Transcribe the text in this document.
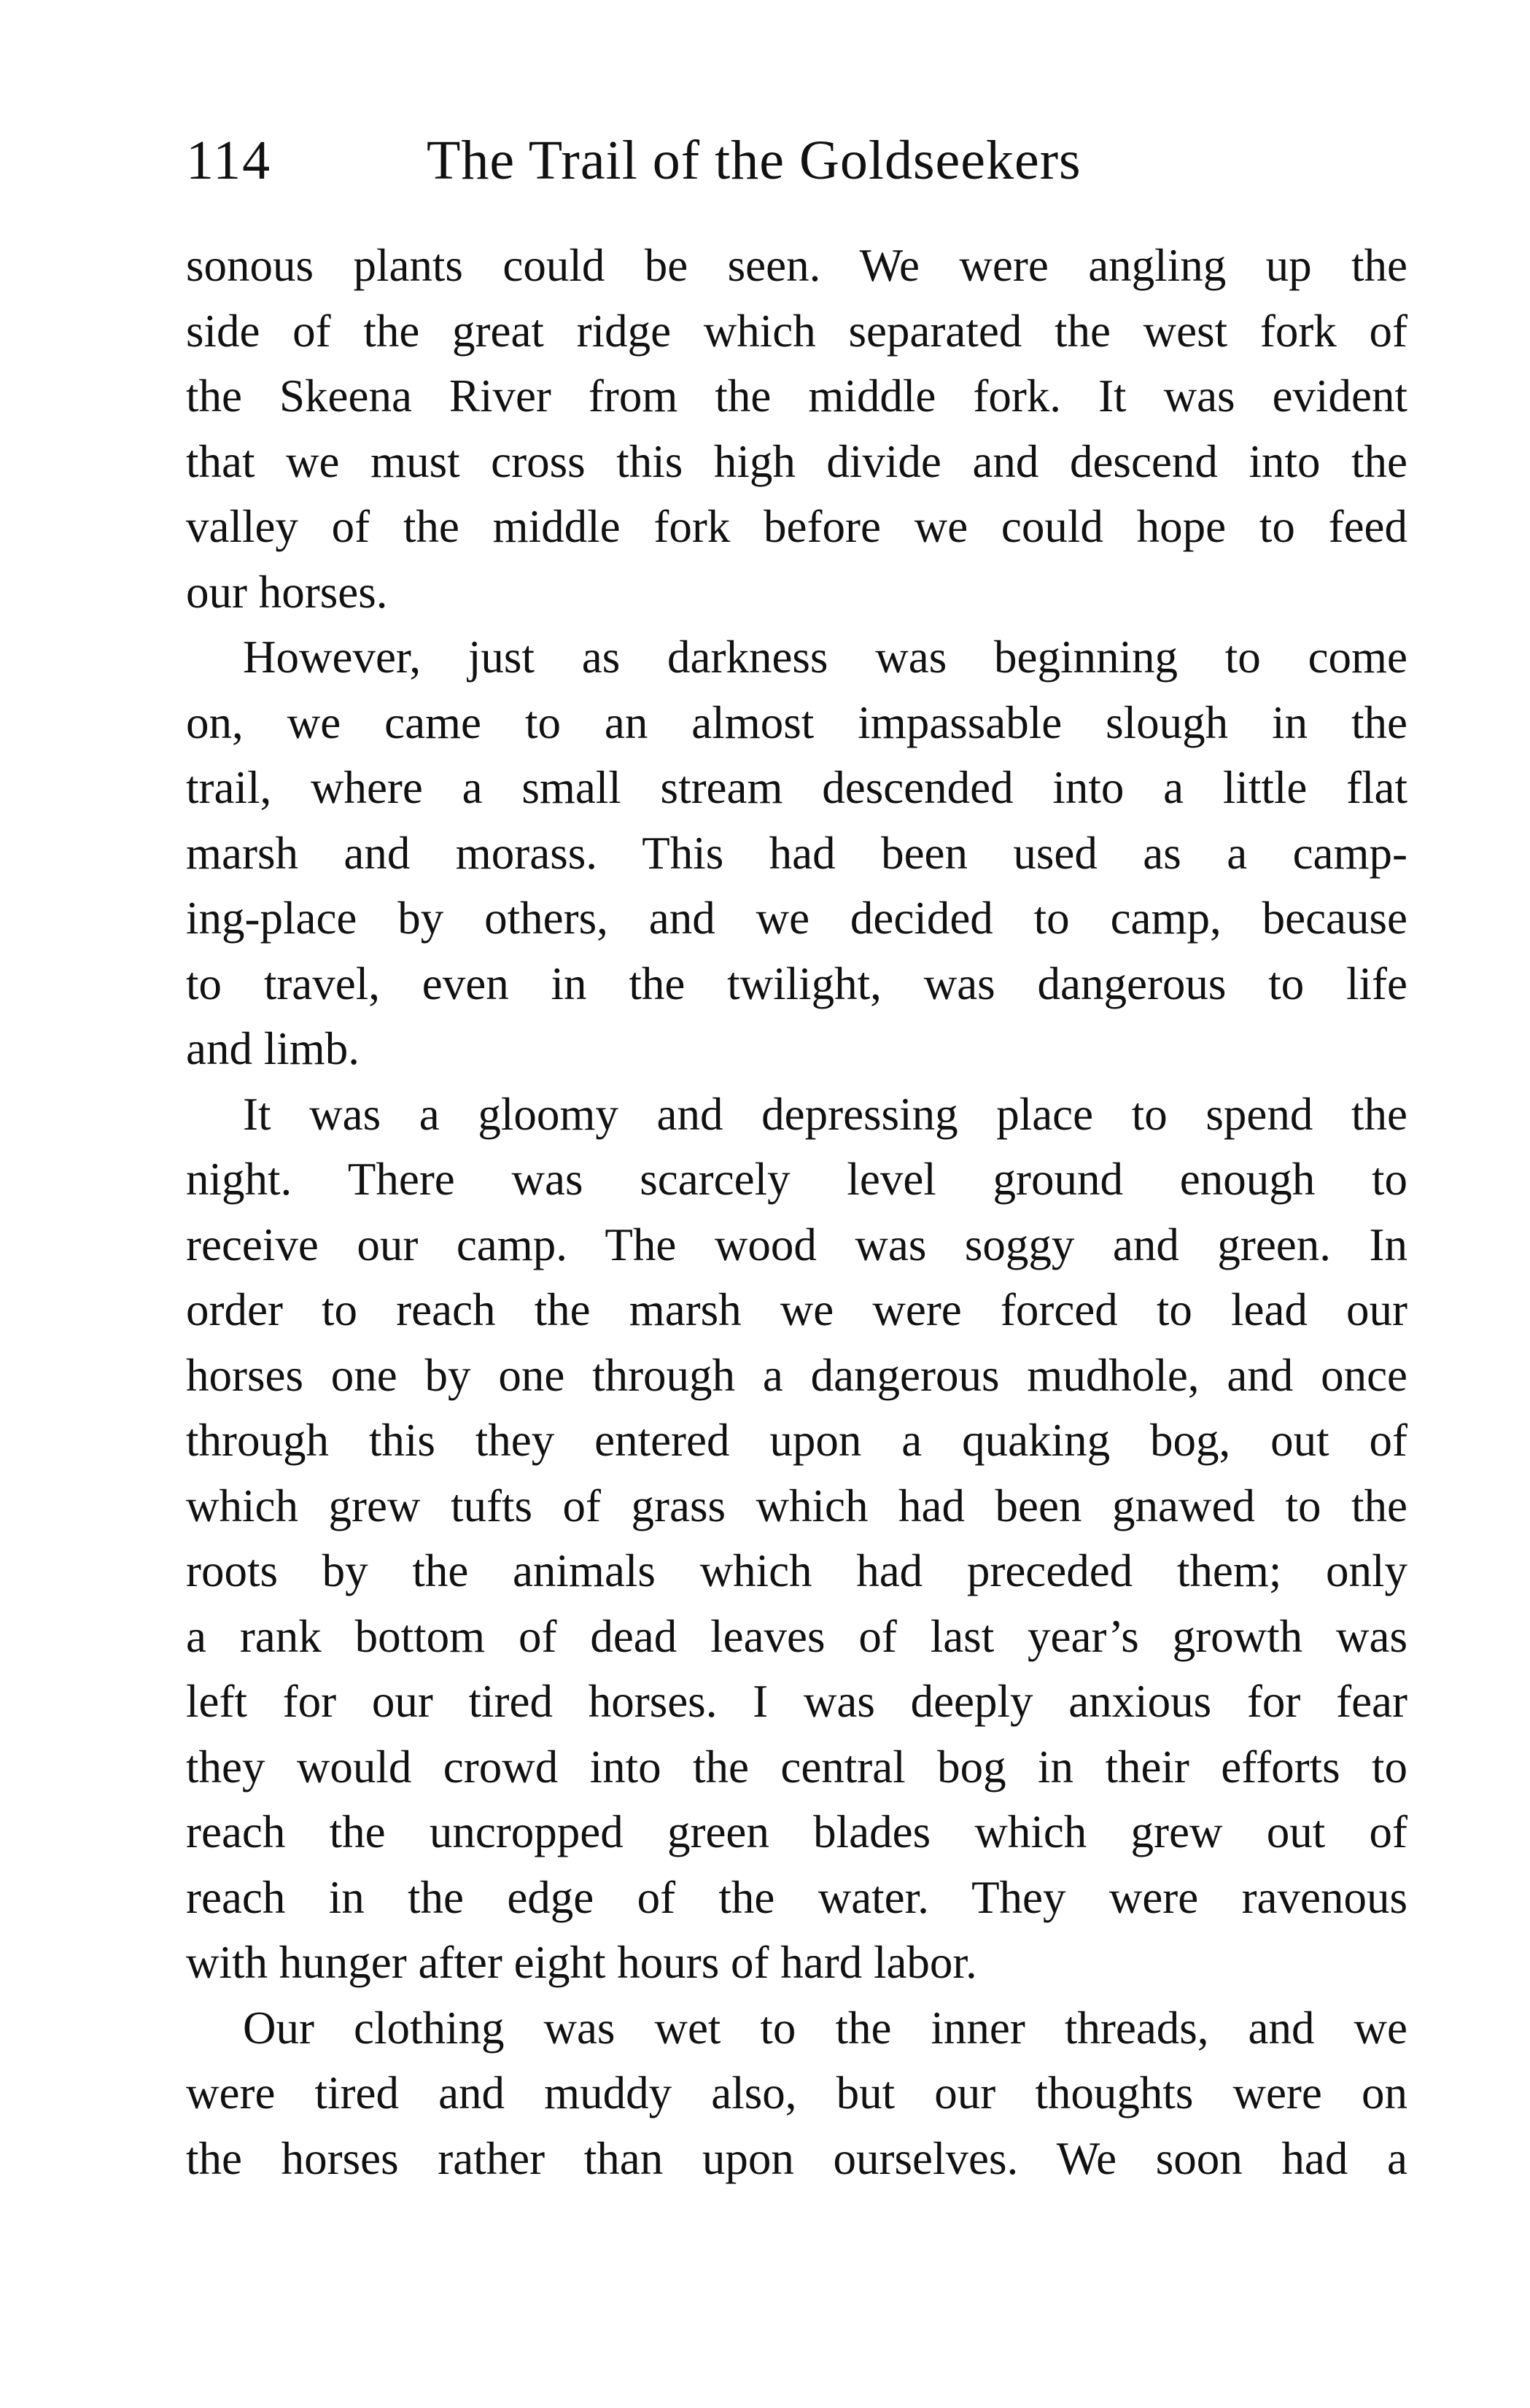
114	The Trail of the Goldseekers
sonous plants could be seen. We were angling up the
side of the great ridge which separated the west fork of
the Skeena River from the middle fork. It was evident
that we must cross this high divide and descend into the
valley of the middle fork before we could hope to feed
our horses.
However, just as darkness was beginning to come
on, we came to an almost impassable slough in the
trail, where a small stream descended into a little flat
marsh and morass. This had been used as a camp-
ing-place by others, and we decided to camp, because
to travel, even in the twilight, was dangerous to life
and limb.
It was a gloomy and depressing place to spend the
night. There was scarcely level ground enough to
receive our camp. The wood was soggy and green. In
order to reach the marsh we were forced to lead our
horses one by one through a dangerous mudhole, and once
through this they entered upon a quaking bog, out of
which grew tufts of grass which had been gnawed to the
roots by the animals which had preceded them; only
a rank bottom of dead leaves of last year’s growth was
left for our tired horses. I was deeply anxious for fear
they would crowd into the central bog in their efforts to
reach the uncropped green blades which grew out of
reach in the edge of the water. They were ravenous
with hunger after eight hours of hard labor.
Our clothing was wet to the inner threads, and we
were tired and muddy also, but our thoughts were on
the horses rather than upon ourselves. We soon had a
